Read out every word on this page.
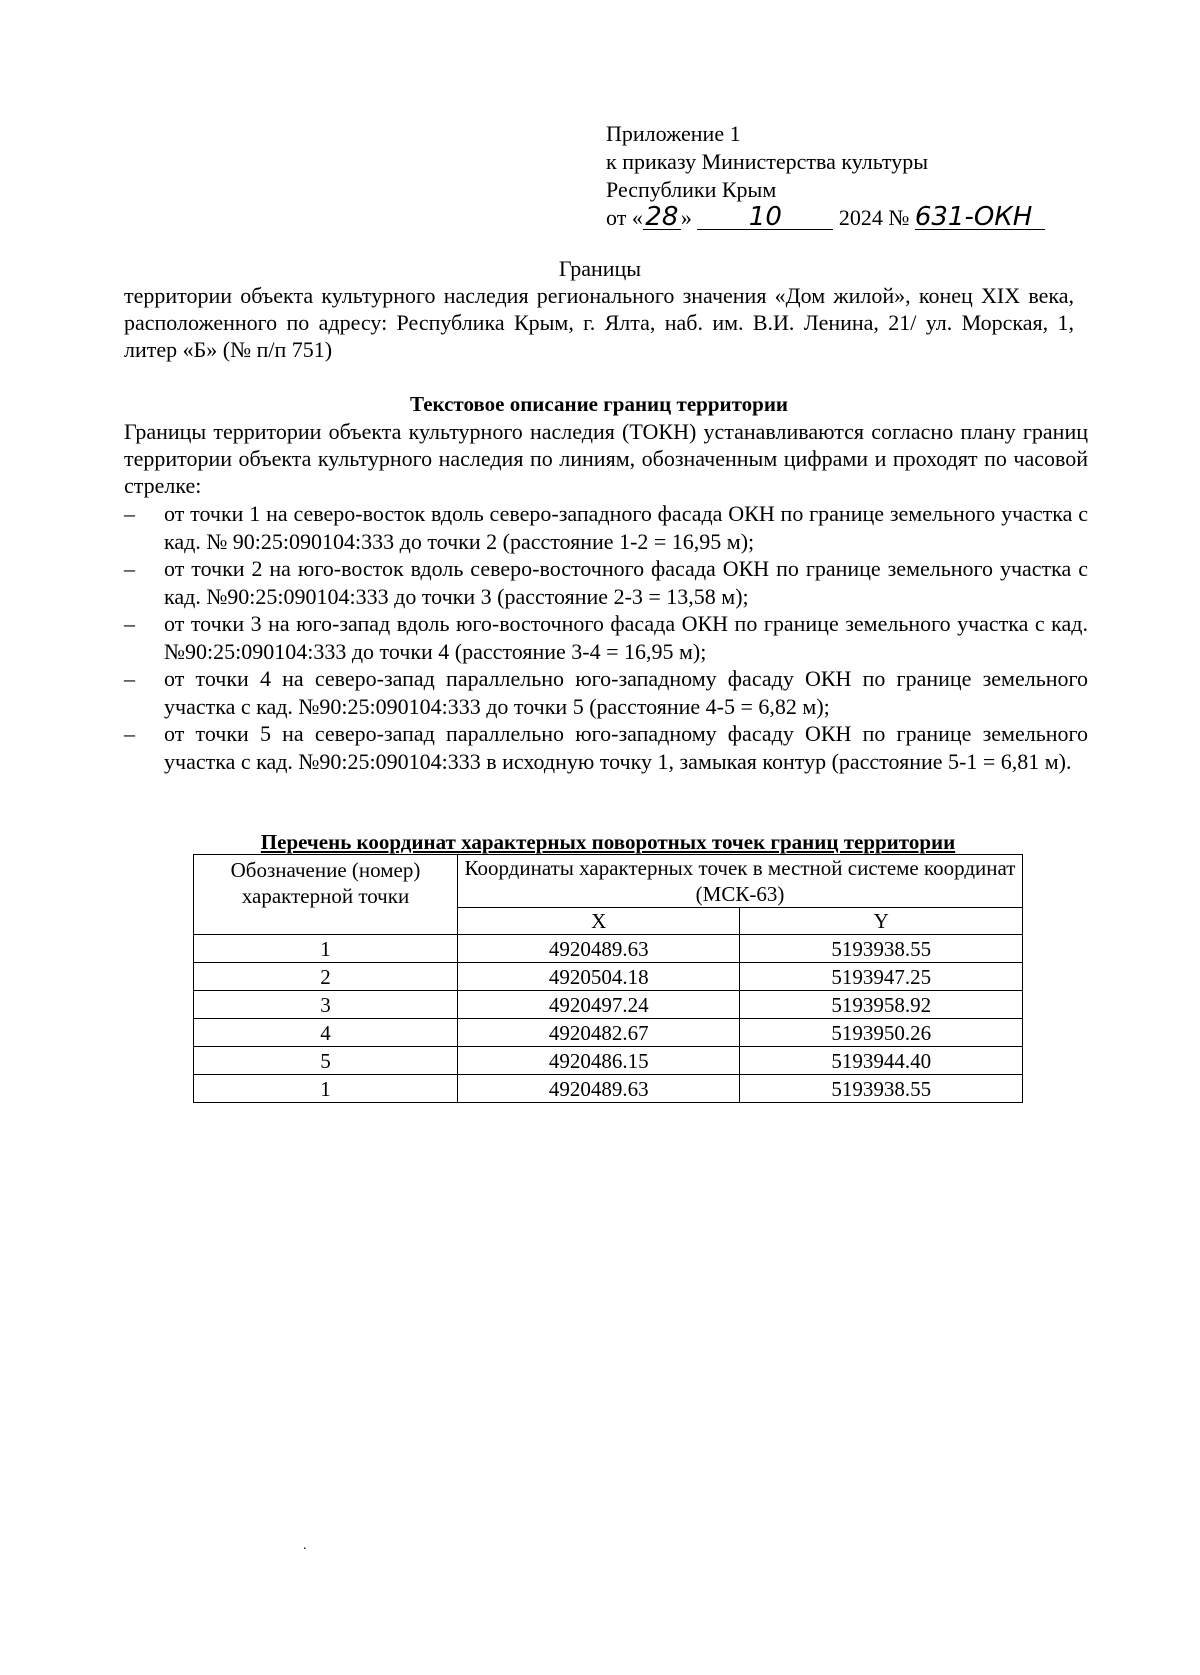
Приложение 1
к приказу Министерства культуры
Республики Крым
от «28 » 10	2024 № 631-ОКН
Границы
территории объекта культурного наследия регионального значения «Дом жилой», конец XIX века, расположенного по адресу: Республика Крым, г. Ялта, наб. им. В.И. Ленина, 21/ ул. Морская, 1, литер «Б» (№ п/п 751)
Текстовое описание границ территории
Границы территории объекта культурного наследия (ТОКН) устанавливаются согласно плану границ территории объекта культурного наследия по линиям, обозначенным цифрами и проходят по часовой стрелке:
– от точки 1 на северо-восток вдоль северо-западного фасада ОКН по границе земельного участка с кад. № 90:25:090104:333 до точки 2 (расстояние 1-2 = 16,95 м);
– от точки 2 на юго-восток вдоль северо-восточного фасада ОКН по границе земельного участка с кад. №90:25:090104:333 до точки 3 (расстояние 2-3 = 13,58 м);
– от точки 3 на юго-запад вдоль юго-восточного фасада ОКН по границе земельного участка с кад. №90:25:090104:333 до точки 4 (расстояние 3-4 = 16,95 м);
– от точки 4 на северо-запад параллельно юго-западному фасаду ОКН по границе земельного участка с кад. №90:25:090104:333 до точки 5 (расстояние 4-5 = 6,82 м);
– от точки 5 на северо-запад параллельно юго-западному фасаду ОКН по границе земельного участка с кад. №90:25:090104:333 в исходную точку 1, замыкая контур (расстояние 5-1 = 6,81 м).
Перечень координат характерных поворотных точек границ территории
Обозначение (номер) характерной точки	Координаты характерных точек в местной системе координат (МСК-63)	
	X	Y
1	4920489.63	5193938.55
2	4920504.18	5193947.25
3	4920497.24	5193958.92
4	4920482.67	5193950.26
5	4920486.15	5193944.40
1	4920489.63	5193938.55
.
